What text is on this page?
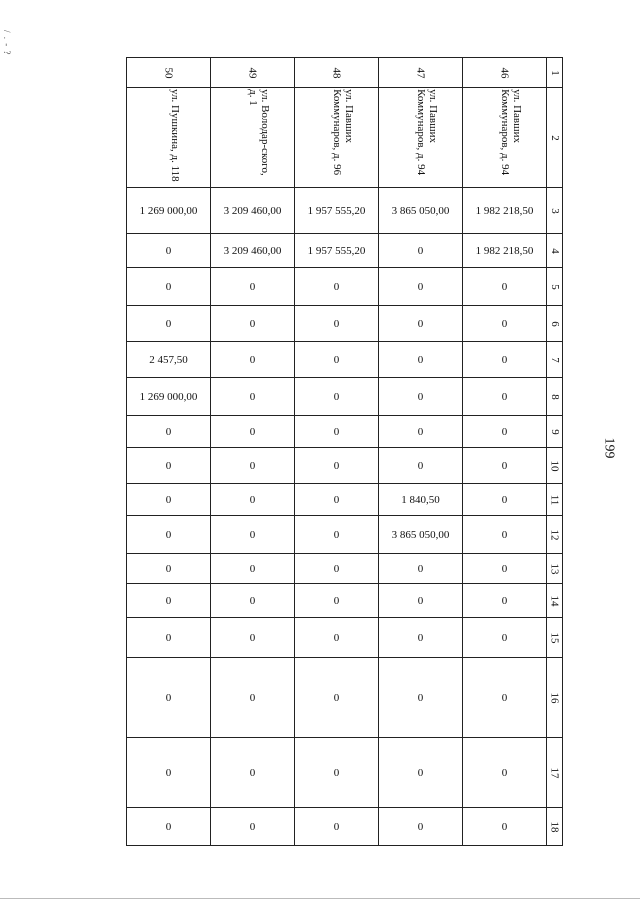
/ . - ?
199
50	49	48	47	46	1
ул. Пушкина, д. 118	ул. Володар-ского, д. 1	ул. Павших Коммунаров, д. 96	ул. Павших Коммунаров, д. 94	ул. Павших Коммунаров, д. 94	2
1 269 000,00	3 209 460,00	1 957 555,20	3 865 050,00	1 982 218,50	3
0	3 209 460,00	1 957 555,20	0	1 982 218,50	4
0	0	0	0	0	5
0	0	0	0	0	6
2 457,50	0	0	0	0	7
1 269 000,00	0	0	0	0	8
0	0	0	0	0	9
0	0	0	0	0	10
0	0	0	1 840,50	0	11
0	0	0	3 865 050,00	0	12
0	0	0	0	0	13
0	0	0	0	0	14
0	0	0	0	0	15
0	0	0	0	0	16
0	0	0	0	0	17
0	0	0	0	0	18
